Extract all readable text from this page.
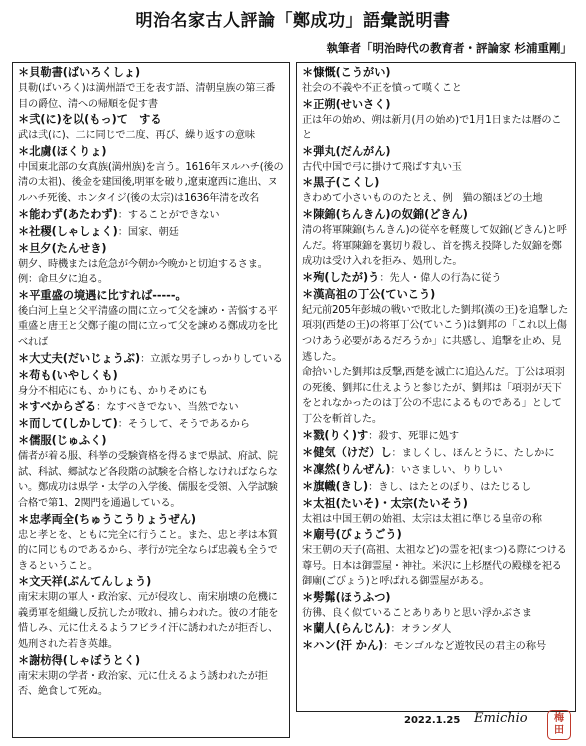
明治名家古人評論「鄭成功」語彙説明書
執筆者「明治時代の教育者・評論家 杉浦重剛」
＊貝勒書(ばいろくしょ)
貝勒(ばいろく)は満州語で王を表す語、清朝皇族の第三番目の爵位、清への帰順を促す書
＊弐(に)を以(もっ)て　する
武は弐(に)、二に同じで二度、再び、繰り返すの意味
＊北虜(ほくりょ)
中国東北部の女真族(満州族)を言う。1616年ヌルハチ(後の清の太祖)、後金を建国後,明軍を破り,遼東遼西に進出、ヌルハチ死後、ホンタイジ(後の太宗)は1636年清を改名
＊能わず(あたわず)：することができない
＊社稷(しゃしょく)：国家、朝廷
＊旦夕(たんせき)
朝夕、時機または危急が今朝か今晩かと切迫するさま。例：命旦夕に迫る。
＊平重盛の境遇に比すれば-----。
後白河上皇と父平清盛の間に立って父を諫め・苦悩する平重盛と唐王と父鄭子龍の間に立って父を諫める鄭成功を比べれば
＊大丈夫(だいじょうぶ)：立派な男子しっかりしている
＊苟も(いやしくも)
身分不相応にも、かりにも、かりそめにも
＊すべからざる：なすべきでない、当然でない
＊而して(しかして)：そうして、そうであるから
＊儒服(じゅふく)
儒者が着る服、科挙の受験資格を得るまで県試、府試、院試、科試、郷試など各段階の試験を合格しなければならない。鄭成功は県学・太学の入学後、儒服を受領、入学試験合格で第1、2関門を通過している。
＊忠孝両全(ちゅうこうりょうぜん)
忠と孝とを、ともに完全に行うこと。また、忠と孝は本質的に同じものであるから、孝行が完全ならば忠義も全うできるということ。
＊文天祥(ぶんてんしょう)
南宋末期の軍人・政治家、元が侵攻し、南宋崩壊の危機に義勇軍を組織し反抗したが敗れ、捕らわれた。彼の才能を惜しみ、元に仕えるようフビライ汗に誘われたが拒否し、処刑された若き英雄。
＊謝枋得(しゃぼうとく)
南宋末期の学者・政治家、元に仕えるよう誘われたが拒否、絶食して死ぬ。
＊慷慨(こうがい)
社会の不義や不正を憤って嘆くこと
＊正朔(せいさく)
正は年の始め、朔は新月(月の始め)で1月1日または暦のこと
＊弾丸(だんがん)
古代中国で弓に掛けて飛ばす丸い玉
＊黒子(こくし)
きわめて小さいもののたとえ、例　猫の額ほどの土地
＊陳錦(ちんきん)の奴錦(どきん)
清の将軍陳錦(ちんきん)の従卒を軽蔑して奴錦(どきん)と呼んだ。将軍陳錦を裏切り殺し、首を携え投降した奴錦を鄭成功は受け入れを拒み、処刑した。
＊殉(したが)う：先人・偉人の行為に従う
＊漢高祖の丁公(ていこう)
紀元前205年彭城の戦いで敗北した劉邦(漢の王)を追撃した項羽(西楚の王)の将軍丁公(ていこう)は劉邦の「これ以上傷つけあう必要があるだろうか」に共感し、追撃を止め、見逃した。
命拾いした劉邦は反撃,西楚を滅亡に追込んだ。丁公は項羽の死後、劉邦に仕えようと参じたが、劉邦は「項羽が天下をとれなかったのは丁公の不忠によるものである」として丁公を斬首した。
＊戮(りく)す：殺す、死罪に処す
＊健気（けだ）し：ましくし、ほんとうに、たしかに
＊凜然(りんぜん)：いさましい、りりしい
＊旗幟(きし)：きし、はたとのぼり、はたじるし
＊太祖(たいそ)・太宗(たいそう)
太祖は中国王朝の始祖、太宗は太祖に準じる皇帝の称
＊廟号(びょうごう)
宋王朝の天子(高祖、太祖など)の霊を祀(まつ)る際につける尊号。日本は御霊屋・神社。米沢に上杉歴代の殿様を祀る御廟(ごびょう)と呼ばれる御霊屋がある。
＊髣髴(ほうふつ)
彷彿、良く似ていることありありと思い浮かぶさま
＊蘭人(らんじん)：オランダ人
＊ハン(汗 かん)：モンゴルなど遊牧民の君主の称号
2022.1.25 Emichio	梅
田
